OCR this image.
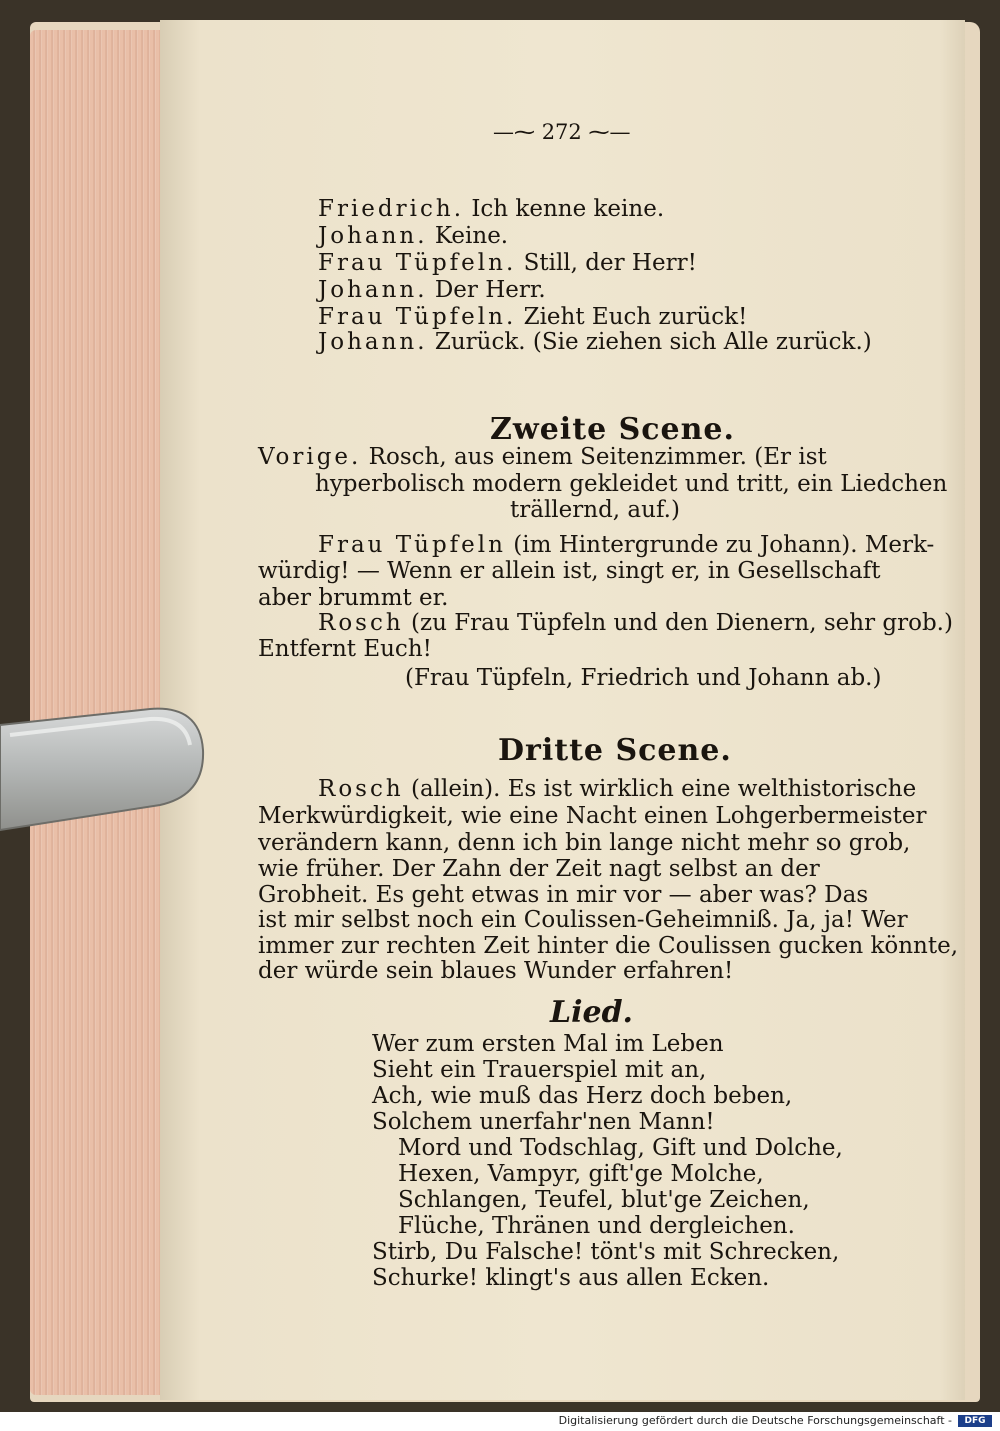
—⁓ 272 ⁓—
Friedrich. Ich kenne keine.
Johann. Keine.
Frau Tüpfeln. Still, der Herr!
Johann. Der Herr.
Frau Tüpfeln. Zieht Euch zurück!
Johann. Zurück. (Sie ziehen sich Alle zurück.)
Zweite Scene.
Vorige. Rosch, aus einem Seitenzimmer. (Er ist
hyperbolisch modern gekleidet und tritt, ein Liedchen
trällernd, auf.)
Frau Tüpfeln (im Hintergrunde zu Johann). Merk-
würdig! — Wenn er allein ist, singt er, in Gesellschaft
aber brummt er.
Rosch (zu Frau Tüpfeln und den Dienern, sehr grob.)
Entfernt Euch!
(Frau Tüpfeln, Friedrich und Johann ab.)
Dritte Scene.
Rosch (allein). Es ist wirklich eine welthistorische
Merkwürdigkeit, wie eine Nacht einen Lohgerbermeister
verändern kann, denn ich bin lange nicht mehr so grob,
wie früher. Der Zahn der Zeit nagt selbst an der
Grobheit. Es geht etwas in mir vor — aber was? Das
ist mir selbst noch ein Coulissen-Geheimniß. Ja, ja! Wer
immer zur rechten Zeit hinter die Coulissen gucken könnte,
der würde sein blaues Wunder erfahren!
Lied.
Wer zum ersten Mal im Leben
Sieht ein Trauerspiel mit an,
Ach, wie muß das Herz doch beben,
Solchem unerfahr'nen Mann!
Mord und Todschlag, Gift und Dolche,
Hexen, Vampyr, gift'ge Molche,
Schlangen, Teufel, blut'ge Zeichen,
Flüche, Thränen und dergleichen.
Stirb, Du Falsche! tönt's mit Schrecken,
Schurke! klingt's aus allen Ecken.
Digitalisierung gefördert durch die Deutsche Forschungsgemeinschaft -	DFG
